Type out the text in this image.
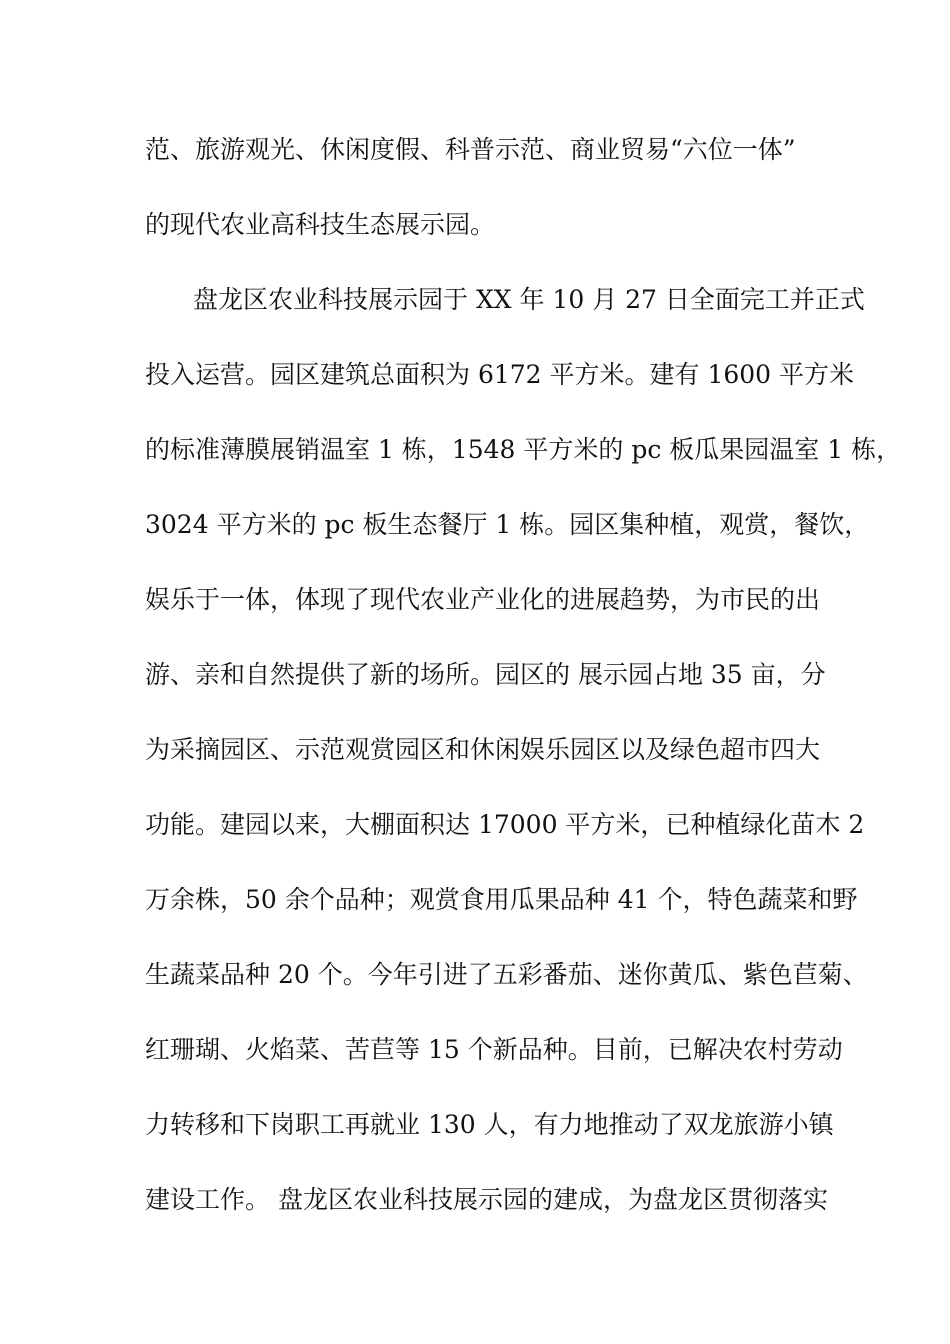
范、旅游观光、休闲度假、科普示范、商业贸易“六位一体”
的现代农业高科技生态展示园。
盘龙区农业科技展示园于 XX 年 10 月 27 日全面完工并正式
投入运营。园区建筑总面积为 6172 平方米。建有 1600 平方米
的标准薄膜展销温室 1 栋，1548 平方米的 pc 板瓜果园温室 1 栋，
3024 平方米的 pc 板生态餐厅 1 栋。园区集种植，观赏，餐饮，
娱乐于一体，体现了现代农业产业化的进展趋势，为市民的出
游、亲和自然提供了新的场所。园区的 展示园占地 35 亩，分
为采摘园区、示范观赏园区和休闲娱乐园区以及绿色超市四大
功能。建园以来，大棚面积达 17000 平方米，已种植绿化苗木 2
万余株，50 余个品种；观赏食用瓜果品种 41 个，特色蔬菜和野
生蔬菜品种 20 个。今年引进了五彩番茄、迷你黄瓜、紫色苣菊、
红珊瑚、火焰菜、苦苣等 15 个新品种。目前，已解决农村劳动
力转移和下岗职工再就业 130 人，有力地推动了双龙旅游小镇
建设工作。 盘龙区农业科技展示园的建成，为盘龙区贯彻落实
